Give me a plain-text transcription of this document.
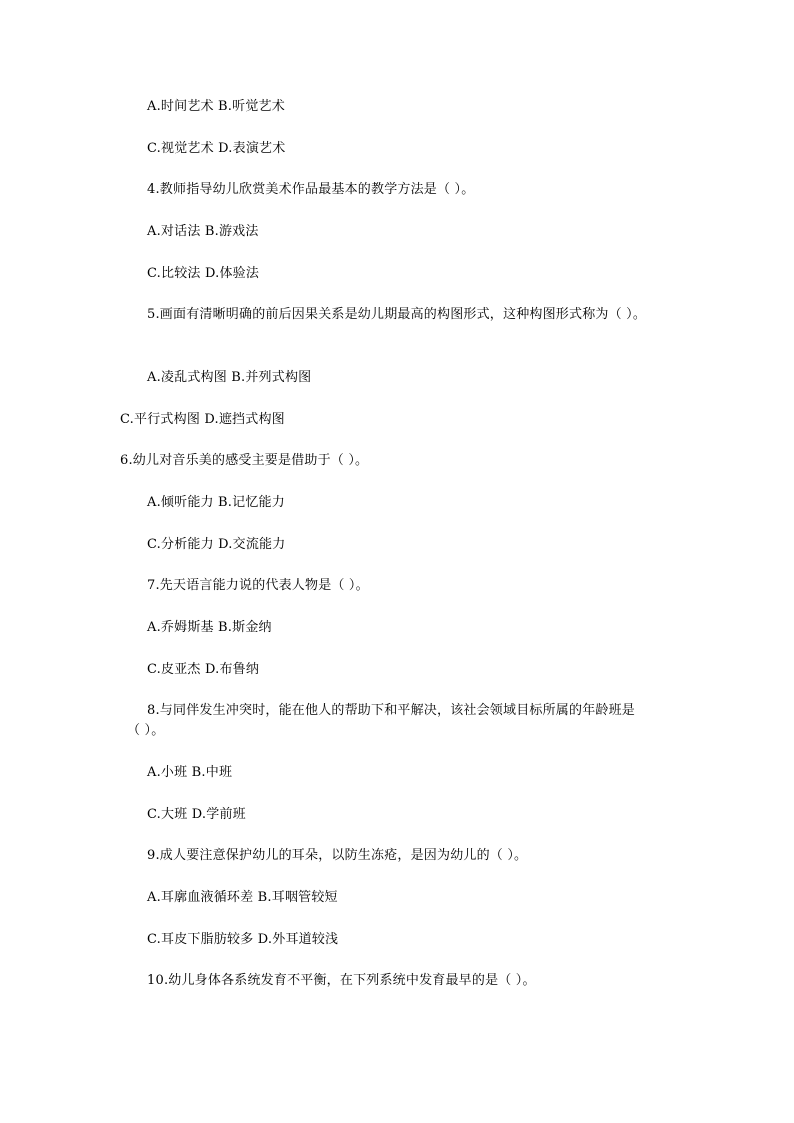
A.时间艺术 B.听觉艺术
C.视觉艺术 D.表演艺术
4.教师指导幼儿欣赏美术作品最基本的教学方法是（ ）。
A.对话法 B.游戏法
C.比较法 D.体验法
5.画面有清晰明确的前后因果关系是幼儿期最高的构图形式，这种构图形式称为（ ）。
A.凌乱式构图 B.并列式构图
C.平行式构图 D.遮挡式构图
6.幼儿对音乐美的感受主要是借助于（ ）。
A.倾听能力 B.记忆能力
C.分析能力 D.交流能力
7.先天语言能力说的代表人物是（ ）。
A.乔姆斯基 B.斯金纳
C.皮亚杰 D.布鲁纳
8.与同伴发生冲突时，能在他人的帮助下和平解决，该社会领域目标所属的年龄班是
（ ）。
A.小班 B.中班
C.大班 D.学前班
9.成人要注意保护幼儿的耳朵，以防生冻疮，是因为幼儿的（ ）。
A.耳廓血液循环差 B.耳咽管较短
C.耳皮下脂肪较多 D.外耳道较浅
10.幼儿身体各系统发育不平衡，在下列系统中发育最早的是（ ）。
